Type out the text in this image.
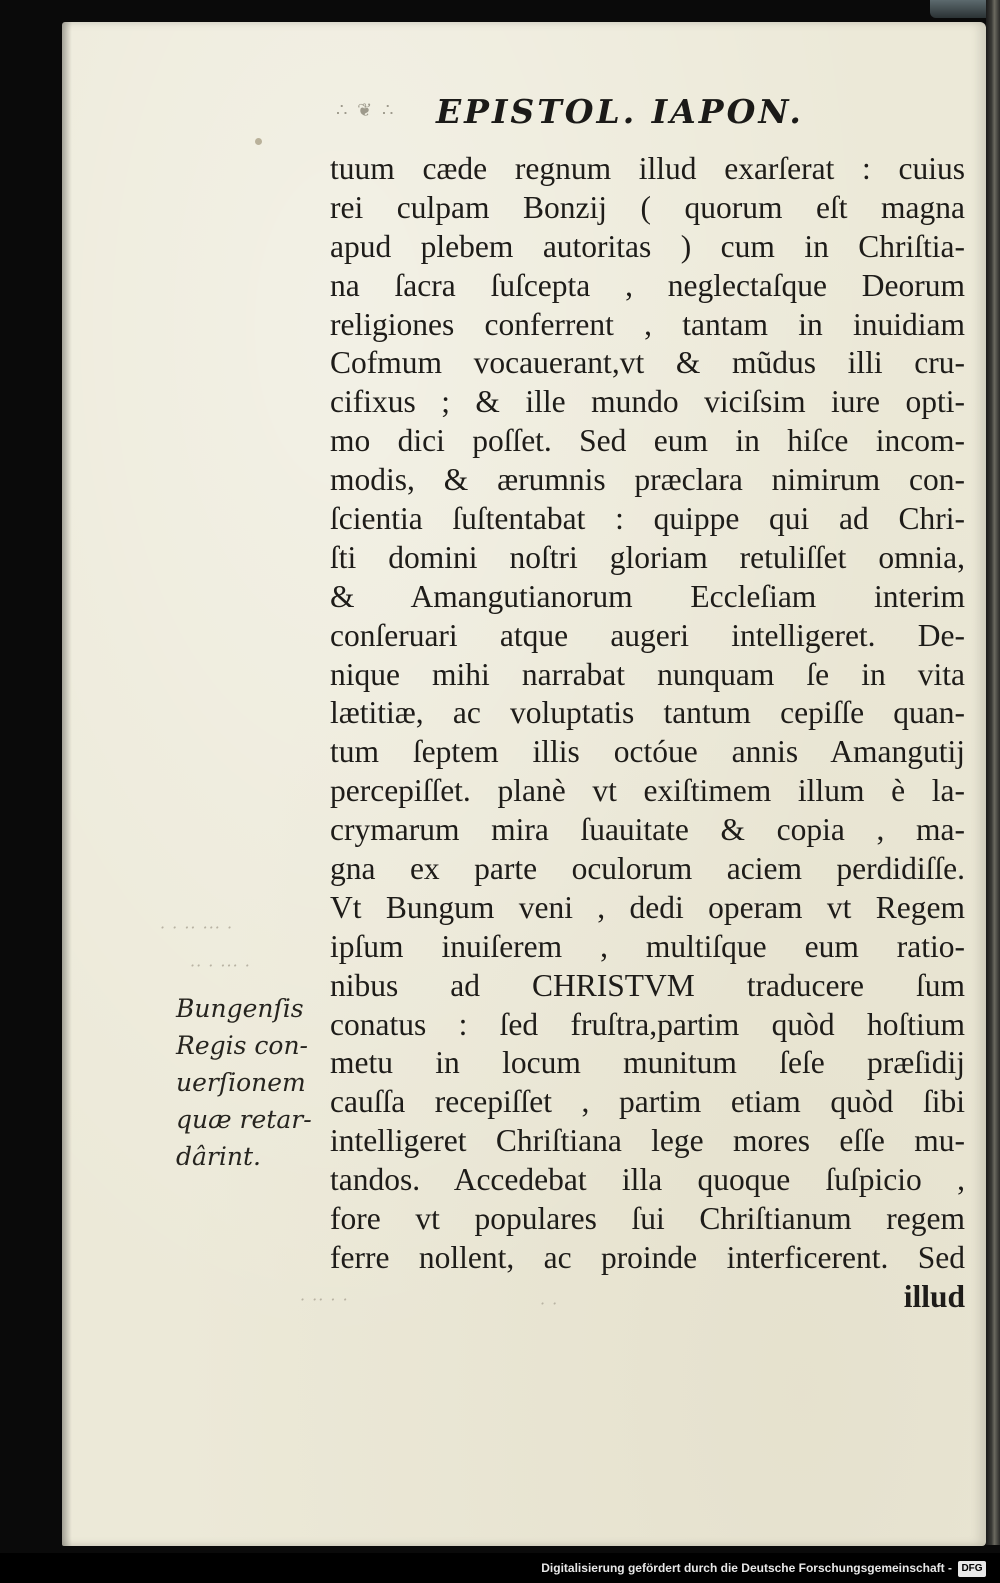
∴ ❦ ∴ EPISTOL. IAPON.
tuum cæde regnum illud exarſerat : cuius
rei culpam Bonzij ( quorum eſt magna
apud plebem autoritas ) cum in Chriſtia-
na ſacra ſuſcepta , neglectaſque Deorum
religiones conferrent , tantam in inuidiam
Cofmum vocauerant,vt & mũdus illi cru-
cifixus ; & ille mundo viciſsim iure opti-
mo dici poſſet. Sed eum in hiſce incom-
modis, & ærumnis præclara nimirum con-
ſcientia ſuſtentabat : quippe qui ad Chri-
ſti domini noſtri gloriam retuliſſet omnia,
& Amangutianorum Eccleſiam interim
conſeruari atque augeri intelligeret. De-
nique mihi narrabat nunquam ſe in vita
lætitiæ, ac voluptatis tantum cepiſſe quan-
tum ſeptem illis octóue annis Amangutij
percepiſſet. planè vt exiſtimem illum è la-
crymarum mira ſuauitate & copia , ma-
gna ex parte oculorum aciem perdidiſſe.
Vt Bungum veni , dedi operam vt Regem
ipſum inuiſerem , multiſque eum ratio-
nibus ad CHRISTVM traducere ſum
conatus : ſed fruſtra,partim quòd hoſtium
metu in locum munitum ſeſe præſidij
cauſſa recepiſſet , partim etiam quòd ſibi
intelligeret Chriſtiana lege mores eſſe mu-
tandos. Accedebat illa quoque ſuſpicio ,
fore vt populares ſui Chriſtianum regem
ferre nollent, ac proinde interficerent. Sed
illud
Bungenſis
Regis con-
uerſionem
quæ retar-
dârint.
· · ·· ··· ·
·· · ··· ·
· ·· · ·	· ·
Digitalisierung gefördert durch die Deutsche Forschungsgemeinschaft - DFG
